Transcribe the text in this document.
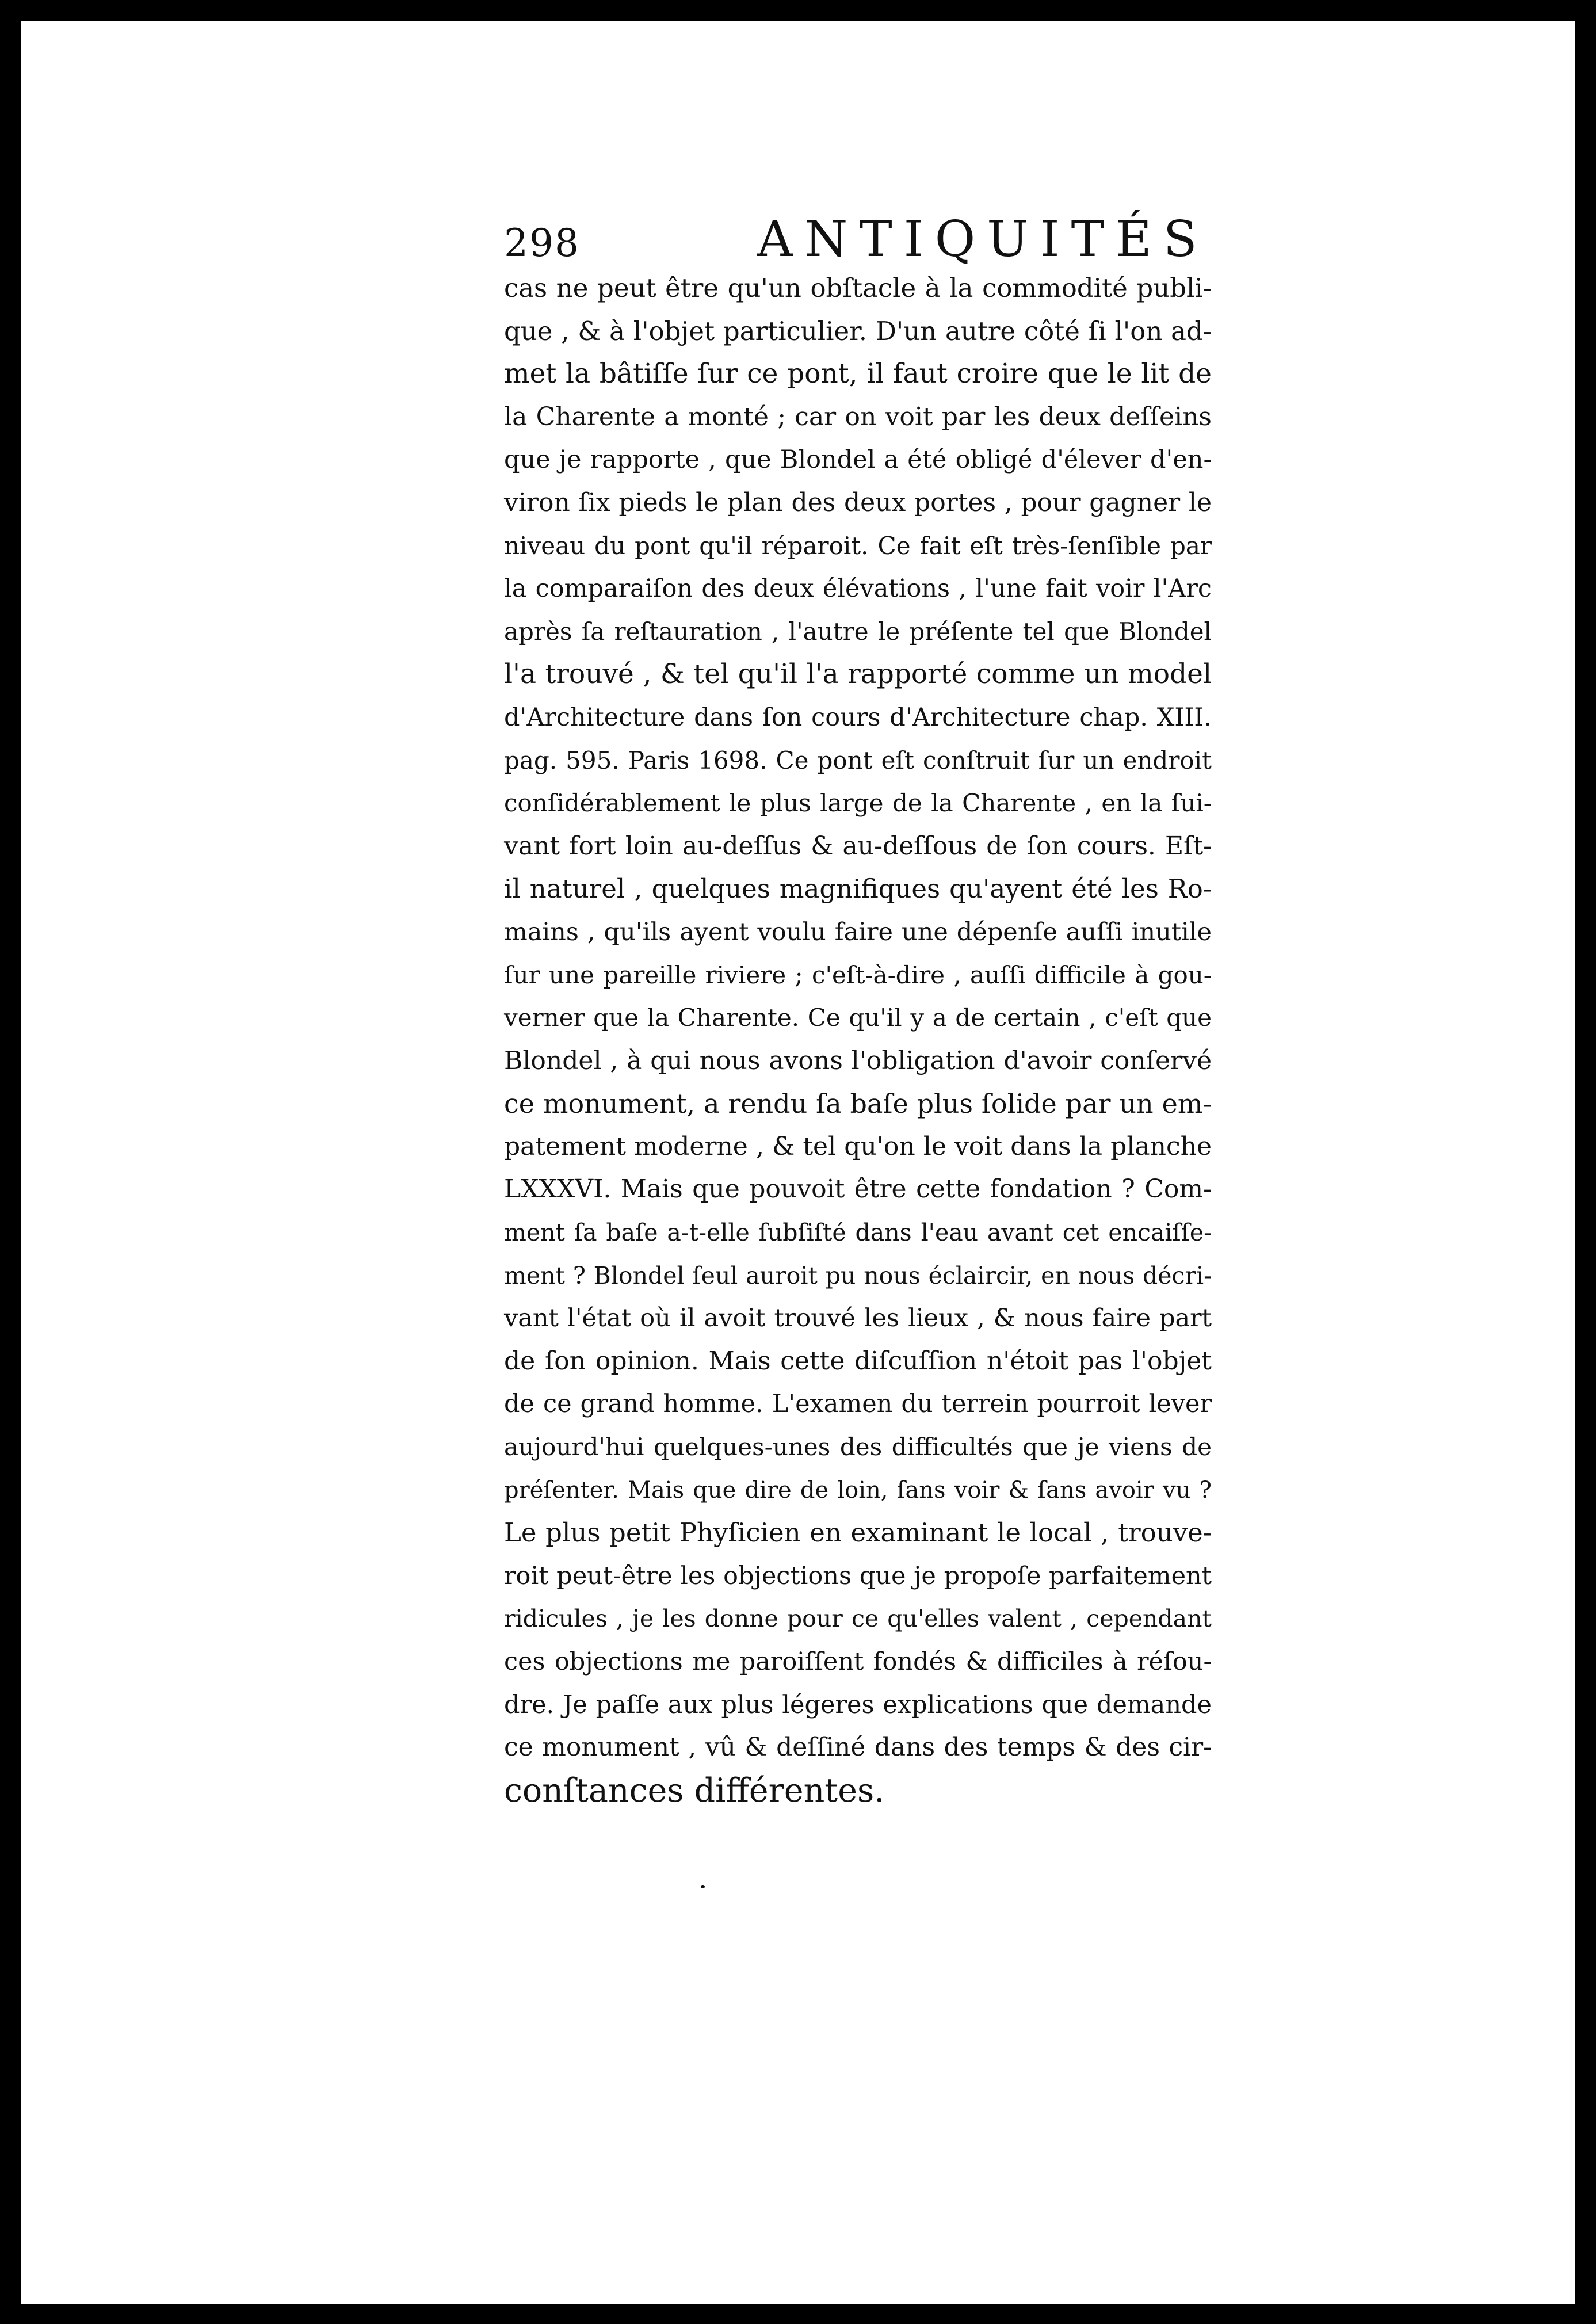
298	ANTIQUITÉS
cas ne peut être qu'un obſtacle à la commodité publi-
que , & à l'objet particulier. D'un autre côté ſi l'on ad-
met la bâtiſſe ſur ce pont, il faut croire que le lit de
la Charente a monté ; car on voit par les deux deſſeins
que je rapporte , que Blondel a été obligé d'élever d'en-
viron ſix pieds le plan des deux portes , pour gagner le
niveau du pont qu'il réparoit. Ce fait eſt très-ſenſible par
la comparaiſon des deux élévations , l'une fait voir l'Arc
après ſa reſtauration , l'autre le préſente tel que Blondel
l'a trouvé , & tel qu'il l'a rapporté comme un model
d'Architecture dans ſon cours d'Architecture chap. XIII.
pag. 595. Paris 1698. Ce pont eſt conſtruit ſur un endroit
conſidérablement le plus large de la Charente , en la ſui-
vant fort loin au-deſſus & au-deſſous de ſon cours. Eſt-
il naturel , quelques magnifiques qu'ayent été les Ro-
mains , qu'ils ayent voulu faire une dépenſe auſſi inutile
ſur une pareille riviere ; c'eſt-à-dire , auſſi difficile à gou-
verner que la Charente. Ce qu'il y a de certain , c'eſt que
Blondel , à qui nous avons l'obligation d'avoir conſervé
ce monument, a rendu ſa baſe plus ſolide par un em-
patement moderne , & tel qu'on le voit dans la planche
LXXXVI. Mais que pouvoit être cette fondation ? Com-
ment ſa baſe a-t-elle ſubſiſté dans l'eau avant cet encaiſſe-
ment ? Blondel ſeul auroit pu nous éclaircir, en nous décri-
vant l'état où il avoit trouvé les lieux , & nous faire part
de ſon opinion. Mais cette diſcuſſion n'étoit pas l'objet
de ce grand homme. L'examen du terrein pourroit lever
aujourd'hui quelques-unes des difficultés que je viens de
préſenter. Mais que dire de loin, ſans voir & ſans avoir vu ?
Le plus petit Phyſicien en examinant le local , trouve-
roit peut-être les objections que je propoſe parfaitement
ridicules , je les donne pour ce qu'elles valent , cependant
ces objections me paroiſſent fondés & difficiles à réſou-
dre. Je paſſe aux plus légeres explications que demande
ce monument , vû & deſſiné dans des temps & des cir-
conſtances différentes.
